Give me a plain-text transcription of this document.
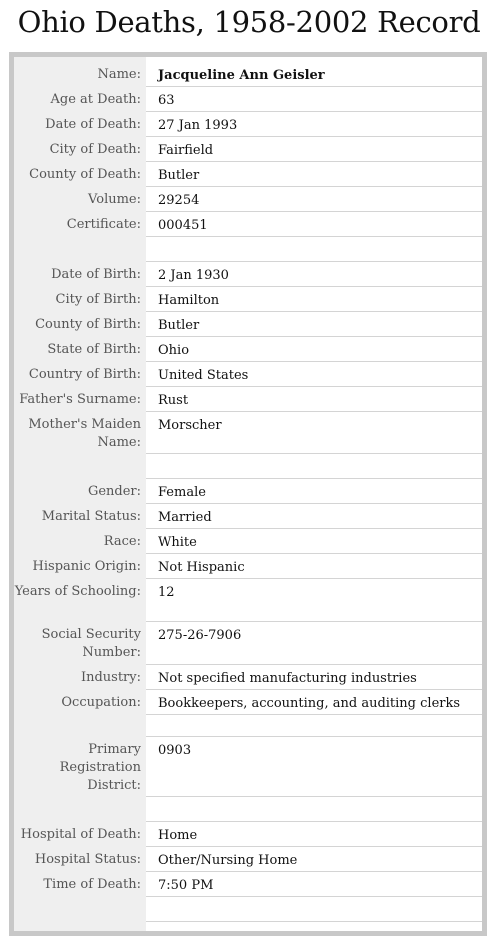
Ohio Deaths, 1958-2002 Record
Name: Jacqueline Ann Geisler
Age at Death: 63
Date of Death: 27 Jan 1993
City of Death: Fairfield
County of Death: Butler
Volume: 29254
Certificate: 000451
Date of Birth: 2 Jan 1930
City of Birth: Hamilton
County of Birth: Butler
State of Birth: Ohio
Country of Birth: United States
Father's Surname: Rust
Mother's Maiden Name:
Morscher
Gender: Female
Marital Status: Married
Race: White
Hispanic Origin: Not Hispanic
Years of Schooling: 12
Social Security Number:
275-26-7906
Industry: Not specified manufacturing industries
Occupation: Bookkeepers, accounting, and auditing clerks
Primary Registration District:
0903
Hospital of Death: Home
Hospital Status: Other/Nursing Home
Time of Death: 7:50 PM
